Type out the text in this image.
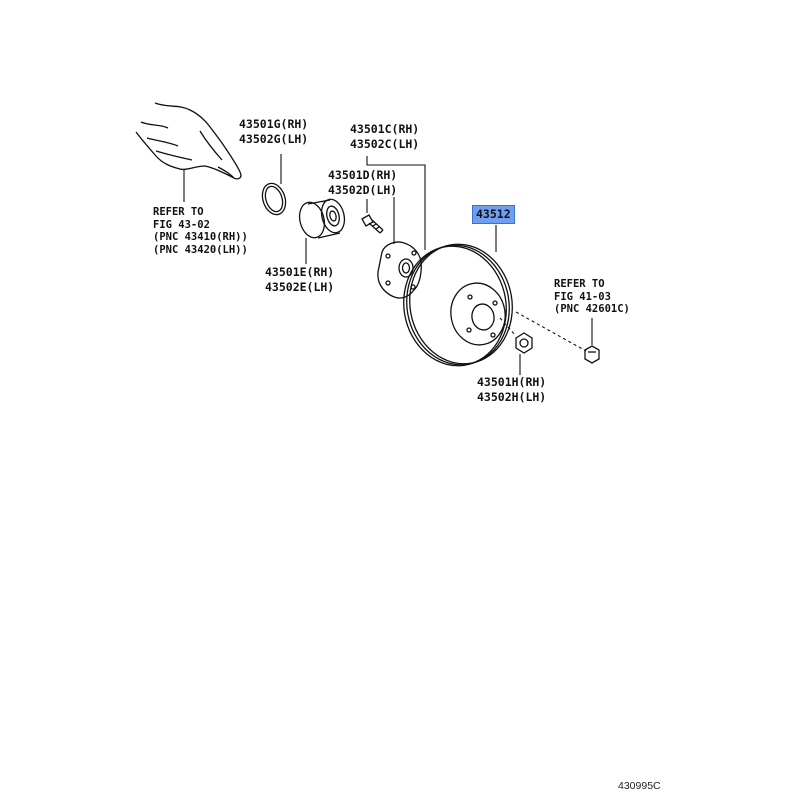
43501G(RH)
43502G(LH)
43501C(RH)
43502C(LH)
43501D(RH)
43502D(LH)
43501E(RH)
43502E(LH)
43512
43501H(RH)
43502H(LH)
REFER TO
FIG 43-02
(PNC 43410(RH))
(PNC 43420(LH))
REFER TO
FIG 41-03
(PNC 42601C)
430995C
